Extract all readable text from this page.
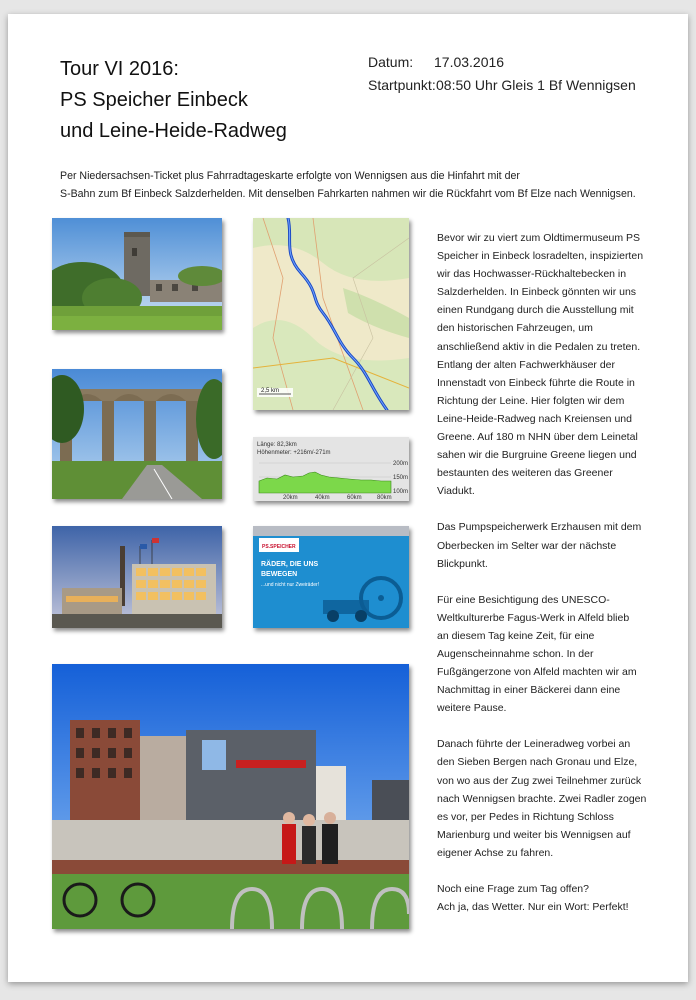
Tour VI 2016:
PS Speicher Einbeck
und Leine-Heide-Radweg
Datum:	17.03.2016
Startpunkt: 08:50 Uhr Gleis 1 Bf Wennigsen
Per Niedersachsen-Ticket plus Fahrradtageskarte erfolgte von Wennigsen aus die Hinfahrt mit der
S-Bahn zum Bf Einbeck Salzderhelden. Mit denselben Fahrkarten nahmen wir die Rückfahrt vom Bf Elze nach Wennigsen.
2,5 km
Länge: 82,3km
Höhenmeter: +216m/-271m
200m
150m
100m
20km	40km	60km	80km
PS.SPEICHER
RÄDER, DIE UNS
BEWEGEN
...und nicht nur Zweiräder!

Bevor wir zu viert zum Oldtimermuseum PS
Speicher in Einbeck losradelten, inspizierten
wir das Hochwasser-Rückhaltebecken in
Salzderhelden. In Einbeck gönnten wir uns
einen Rundgang durch die Ausstellung mit
den historischen Fahrzeugen, um
anschließend aktiv in die Pedalen zu treten.
Entlang der alten Fachwerkhäuser der
Innenstadt von Einbeck führte die Route in
Richtung der Leine. Hier folgten wir dem
Leine-Heide-Radweg nach Kreiensen und
Greene. Auf 180 m NHN über dem Leinetal
sahen wir die Burgruine Greene liegen und
bestaunten des weiteren das Greener
Viadukt.

Das Pumpspeicherwerk Erzhausen mit dem
Oberbecken im Selter war der nächste
Blickpunkt.

Für eine Besichtigung des UNESCO-
Weltkulturerbe Fagus-Werk in Alfeld blieb
an diesem Tag keine Zeit, für eine
Augenscheinnahme schon. In der
Fußgängerzone von Alfeld machten wir am
Nachmittag in einer Bäckerei dann eine
weitere Pause.

Danach führte der Leineradweg vorbei an
den Sieben Bergen nach Gronau und Elze,
von wo aus der Zug zwei Teilnehmer zurück
nach Wennigsen brachte. Zwei Radler zogen
es vor, per Pedes in Richtung Schloss
Marienburg und weiter bis Wennigsen auf
eigener Achse zu fahren.

Noch eine Frage zum Tag offen?
Ach ja, das Wetter. Nur ein Wort: Perfekt!
